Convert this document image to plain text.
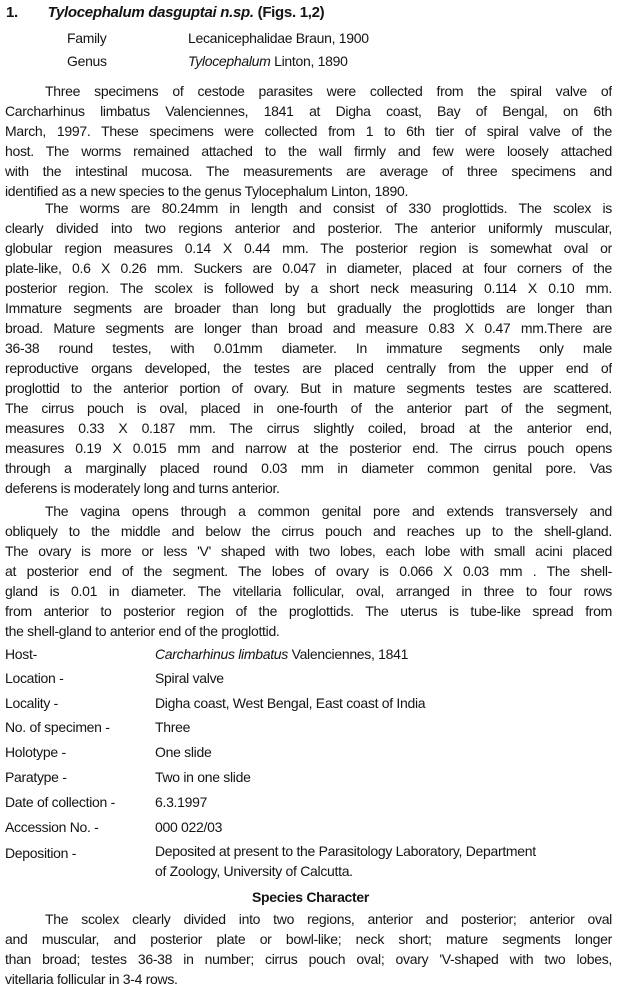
1. Tylocephalum dasguptai n.sp. (Figs. 1,2)
Family	Lecanicephalidae Braun, 1900
Genus	Tylocephalum Linton, 1890
Three specimens of cestode parasites were collected from the spiral valve of
Carcharhinus limbatus Valenciennes, 1841 at Digha coast, Bay of Bengal, on 6th
March, 1997. These specimens were collected from 1 to 6th tier of spiral valve of the
host. The worms remained attached to the wall firmly and few were loosely attached
with the intestinal mucosa. The measurements are average of three specimens and
identified as a new species to the genus Tylocephalum Linton, 1890.
The worms are 80.24mm in length and consist of 330 proglottids. The scolex is
clearly divided into two regions anterior and posterior. The anterior uniformly muscular,
globular region measures 0.14 X 0.44 mm. The posterior region is somewhat oval or
plate-like, 0.6 X 0.26 mm. Suckers are 0.047 in diameter, placed at four corners of the
posterior region. The scolex is followed by a short neck measuring 0.114 X 0.10 mm.
Immature segments are broader than long but gradually the proglottids are longer than
broad. Mature segments are longer than broad and measure 0.83 X 0.47 mm.There are
36-38 round testes, with 0.01mm diameter. In immature segments only male
reproductive organs developed, the testes are placed centrally from the upper end of
proglottid to the anterior portion of ovary. But in mature segments testes are scattered.
The cirrus pouch is oval, placed in one-fourth of the anterior part of the segment,
measures 0.33 X 0.187 mm. The cirrus slightly coiled, broad at the anterior end,
measures 0.19 X 0.015 mm and narrow at the posterior end. The cirrus pouch opens
through a marginally placed round 0.03 mm in diameter common genital pore. Vas
deferens is moderately long and turns anterior.
The vagina opens through a common genital pore and extends transversely and
obliquely to the middle and below the cirrus pouch and reaches up to the shell-gland.
The ovary is more or less 'V' shaped with two lobes, each lobe with small acini placed
at posterior end of the segment. The lobes of ovary is 0.066 X 0.03 mm . The shell-
gland is 0.01 in diameter. The vitellaria follicular, oval, arranged in three to four rows
from anterior to posterior region of the proglottids. The uterus is tube-like spread from
the shell-gland to anterior end of the proglottid.
Host-	Carcharhinus limbatus Valenciennes, 1841
Location -	Spiral valve
Locality -	Digha coast, West Bengal, East coast of India
No. of specimen -	Three
Holotype -	One slide
Paratype -	Two in one slide
Date of collection -	6.3.1997
Accession No. -	000 022/03
Deposition -	Deposited at present to the Parasitology Laboratory, Department
of Zoology, University of Calcutta.
Species Character
The scolex clearly divided into two regions, anterior and posterior; anterior oval
and muscular, and posterior plate or bowl-like; neck short; mature segments longer
than broad; testes 36-38 in number; cirrus pouch oval; ovary 'V-shaped with two lobes,
vitellaria follicular in 3-4 rows.
